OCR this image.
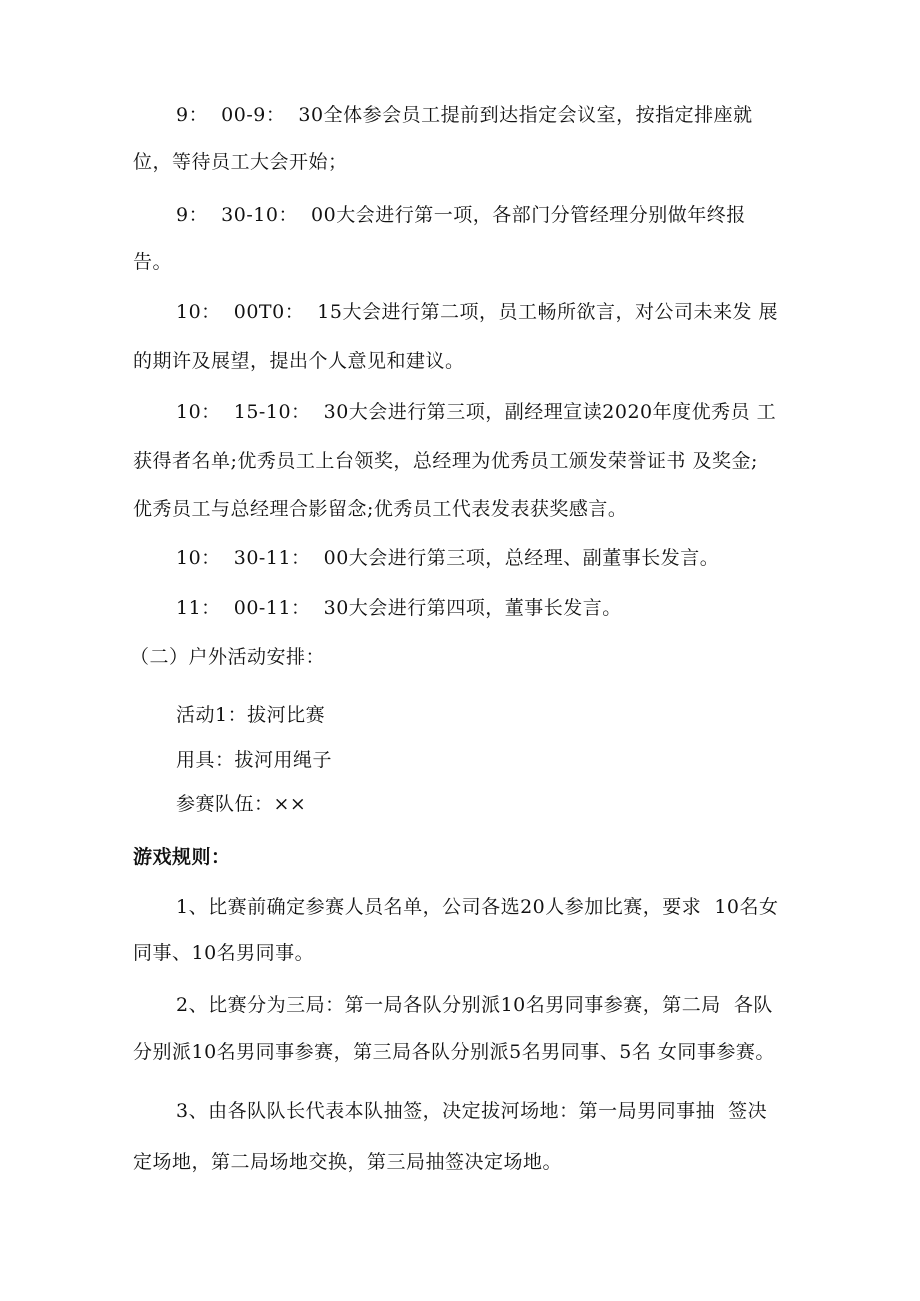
9：  00-9：  30全体参会员工提前到达指定会议室，按指定排座就
位，等待员工大会开始；
9：  30-10：  00大会进行第一项，各部门分管经理分别做年终报
告。
10：  00T0：  15大会进行第二项，员工畅所欲言，对公司未来发 展
的期许及展望，提出个人意见和建议。
10：  15-10：  30大会进行第三项，副经理宣读2020年度优秀员 工
获得者名单;优秀员工上台领奖，总经理为优秀员工颁发荣誉证书 及奖金;
优秀员工与总经理合影留念;优秀员工代表发表获奖感言。
10：  30-11：  00大会进行第三项，总经理、副董事长发言。
11：  00-11：  30大会进行第四项，董事长发言。
（二）户外活动安排：
活动1：拔河比赛
用具：拔河用绳子
参赛队伍：××
游戏规则：
1、比赛前确定参赛人员名单，公司各选20人参加比赛，要求  10名女
同事、10名男同事。
2、比赛分为三局：第一局各队分别派10名男同事参赛，第二局  各队
分别派10名男同事参赛，第三局各队分别派5名男同事、5名 女同事参赛。
3、由各队队长代表本队抽签，决定拔河场地：第一局男同事抽  签决
定场地，第二局场地交换，第三局抽签决定场地。
